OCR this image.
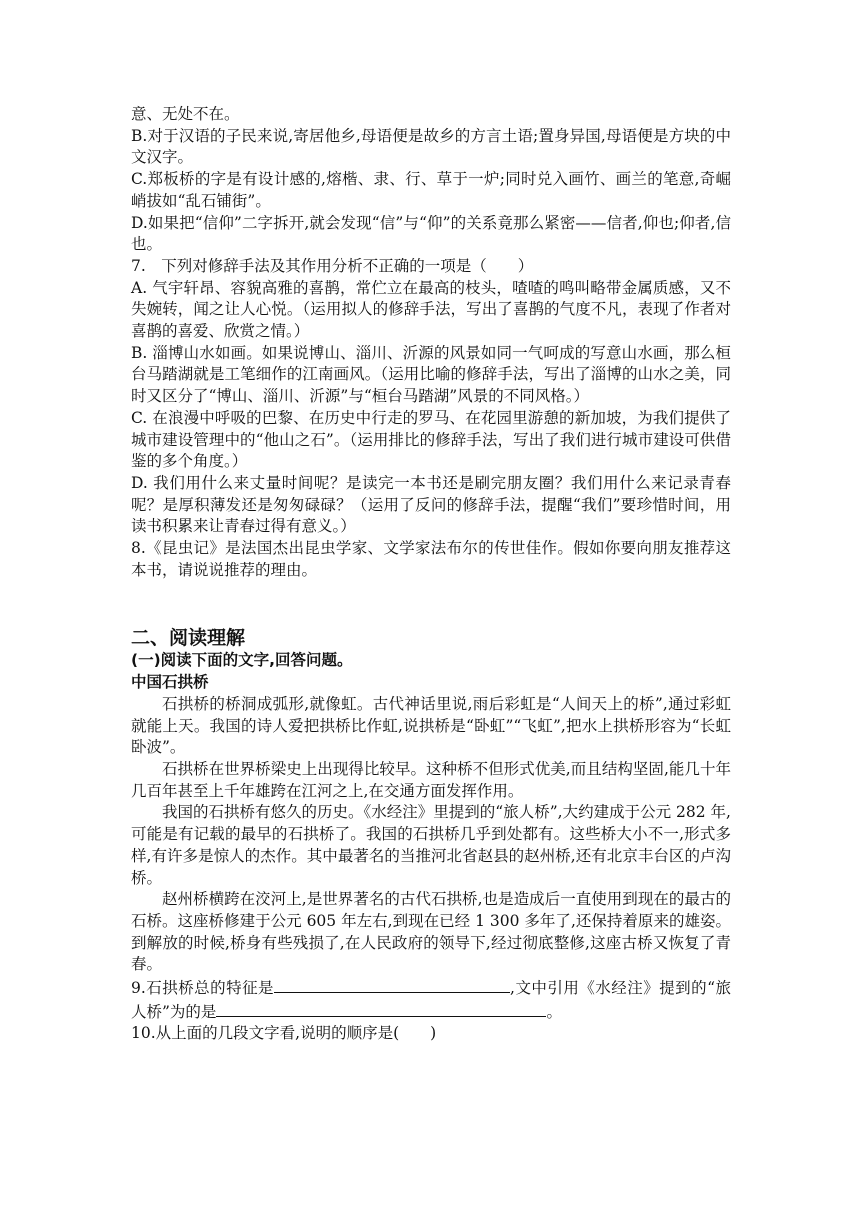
意、无处不在。

B.对于汉语的子民来说,寄居他乡,母语便是故乡的方言土语;置身异国,母语便是方块的中文汉字。

C.郑板桥的字是有设计感的,熔楷、隶、行、草于一炉;同时兑入画竹、画兰的笔意,奇崛峭拔如“乱石铺街”。

D.如果把“信仰”二字拆开,就会发现“信”与“仰”的关系竟那么紧密——信者,仰也;仰者,信也。

7.　下列对修辞手法及其作用分析不正确的一项是（　　）

A. 气宇轩昂、容貌高雅的喜鹊，常伫立在最高的枝头，喳喳的鸣叫略带金属质感，又不失婉转，闻之让人心悦。（运用拟人的修辞手法，写出了喜鹊的气度不凡，表现了作者对喜鹊的喜爱、欣赏之情。）

B. 淄博山水如画。如果说博山、淄川、沂源的风景如同一气呵成的写意山水画，那么桓台马踏湖就是工笔细作的江南画风。（运用比喻的修辞手法，写出了淄博的山水之美，同时又区分了“博山、淄川、沂源”与“桓台马踏湖”风景的不同风格。）

C. 在浪漫中呼吸的巴黎、在历史中行走的罗马、在花园里游憩的新加坡，为我们提供了城市建设管理中的“他山之石”。（运用排比的修辞手法，写出了我们进行城市建设可供借鉴的多个角度。）

D. 我们用什么来丈量时间呢？是读完一本书还是刷完朋友圈？我们用什么来记录青春呢？是厚积薄发还是匆匆碌碌？（运用了反问的修辞手法，提醒“我们”要珍惜时间，用读书积累来让青春过得有意义。）

8.《昆虫记》是法国杰出昆虫学家、文学家法布尔的传世佳作。假如你要向朋友推荐这本书，请说说推荐的理由。

二、阅读理解

(一)阅读下面的文字,回答问题。

中国石拱桥

石拱桥的桥洞成弧形,就像虹。古代神话里说,雨后彩虹是“人间天上的桥”,通过彩虹就能上天。我国的诗人爱把拱桥比作虹,说拱桥是“卧虹”“飞虹”,把水上拱桥形容为“长虹卧波”。

石拱桥在世界桥梁史上出现得比较早。这种桥不但形式优美,而且结构坚固,能几十年几百年甚至上千年雄跨在江河之上,在交通方面发挥作用。

我国的石拱桥有悠久的历史。《水经注》里提到的“旅人桥”,大约建成于公元 282 年,可能是有记载的最早的石拱桥了。我国的石拱桥几乎到处都有。这些桥大小不一,形式多样,有许多是惊人的杰作。其中最著名的当推河北省赵县的赵州桥,还有北京丰台区的卢沟桥。

赵州桥横跨在洨河上,是世界著名的古代石拱桥,也是造成后一直使用到现在的最古的石桥。这座桥修建于公元 605 年左右,到现在已经 1 300 多年了,还保持着原来的雄姿。到解放的时候,桥身有些残损了,在人民政府的领导下,经过彻底整修,这座古桥又恢复了青春。

9.石拱桥总的特征是	,文中引用《水经注》提到的“旅人桥”为的是	。

10.从上面的几段文字看,说明的顺序是(　　)
